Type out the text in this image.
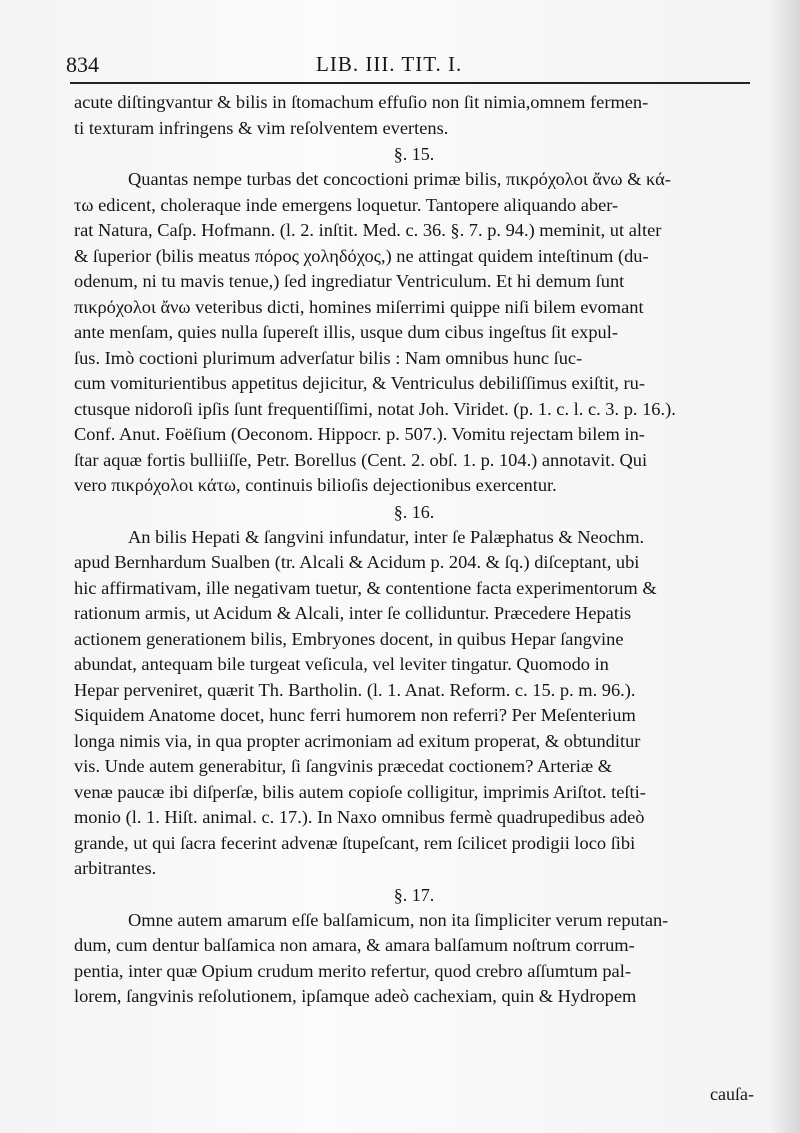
834	LIB. III. TIT. I.
acute diſtingvantur & bilis in ſtomachum effuſio non ſit nimia,omnem fermen-
ti texturam infringens & vim reſolventem evertens.
§. 15.
Quantas nempe turbas det concoctioni primæ bilis, πικρόχολοι ἄνω & κά-
τω edicent, choleraque inde emergens loquetur. Tantopere aliquando aber-
rat Natura, Caſp. Hofmann. (l. 2. inſtit. Med. c. 36. §. 7. p. 94.) meminit, ut alter
& ſuperior (bilis meatus πόρος χοληδόχος,) ne attingat quidem inteſtinum (du-
odenum, ni tu mavis tenue,) ſed ingrediatur Ventriculum. Et hi demum ſunt
πικρόχολοι ἄνω veteribus dicti, homines miſerrimi quippe niſi bilem evomant
ante menſam, quies nulla ſupereſt illis, usque dum cibus ingeſtus ſit expul-
ſus. Imò coctioni plurimum adverſatur bilis : Nam omnibus hunc ſuc-
cum vomiturientibus appetitus dejicitur, & Ventriculus debiliſſimus exiſtit, ru-
ctusque nidoroſi ipſis ſunt frequentiſſimi, notat Joh. Viridet. (p. 1. c. l. c. 3. p. 16.).
Conf. Anut. Foëſium (Oeconom. Hippocr. p. 507.). Vomitu rejectam bilem in-
ſtar aquæ fortis bulliiſſe, Petr. Borellus (Cent. 2. obſ. 1. p. 104.) annotavit. Qui
vero πικρόχολοι κάτω, continuis bilioſis dejectionibus exercentur.
§. 16.
An bilis Hepati & ſangvini infundatur, inter ſe Palæphatus & Neochm.
apud Bernhardum Sualben (tr. Alcali & Acidum p. 204. & ſq.) diſceptant, ubi
hic affirmativam, ille negativam tuetur, & contentione facta experimentorum &
rationum armis, ut Acidum & Alcali, inter ſe colliduntur. Præcedere Hepatis
actionem generationem bilis, Embryones docent, in quibus Hepar ſangvine
abundat, antequam bile turgeat veſicula, vel leviter tingatur. Quomodo in
Hepar perveniret, quærit Th. Bartholin. (l. 1. Anat. Reform. c. 15. p. m. 96.).
Siquidem Anatome docet, hunc ferri humorem non referri? Per Meſenterium
longa nimis via, in qua propter acrimoniam ad exitum properat, & obtunditur
vis. Unde autem generabitur, ſi ſangvinis præcedat coctionem? Arteriæ &
venæ paucæ ibi diſperſæ, bilis autem copioſe colligitur, imprimis Ariſtot. teſti-
monio (l. 1. Hiſt. animal. c. 17.). In Naxo omnibus fermè quadrupedibus adeò
grande, ut qui ſacra fecerint advenæ ſtupeſcant, rem ſcilicet prodigii loco ſibi
arbitrantes.
§. 17.
Omne autem amarum eſſe balſamicum, non ita ſimpliciter verum reputan-
dum, cum dentur balſamica non amara, & amara balſamum noſtrum corrum-
pentia, inter quæ Opium crudum merito refertur, quod crebro aſſumtum pal-
lorem, ſangvinis reſolutionem, ipſamque adeò cachexiam, quin & Hydropem
cauſa-
